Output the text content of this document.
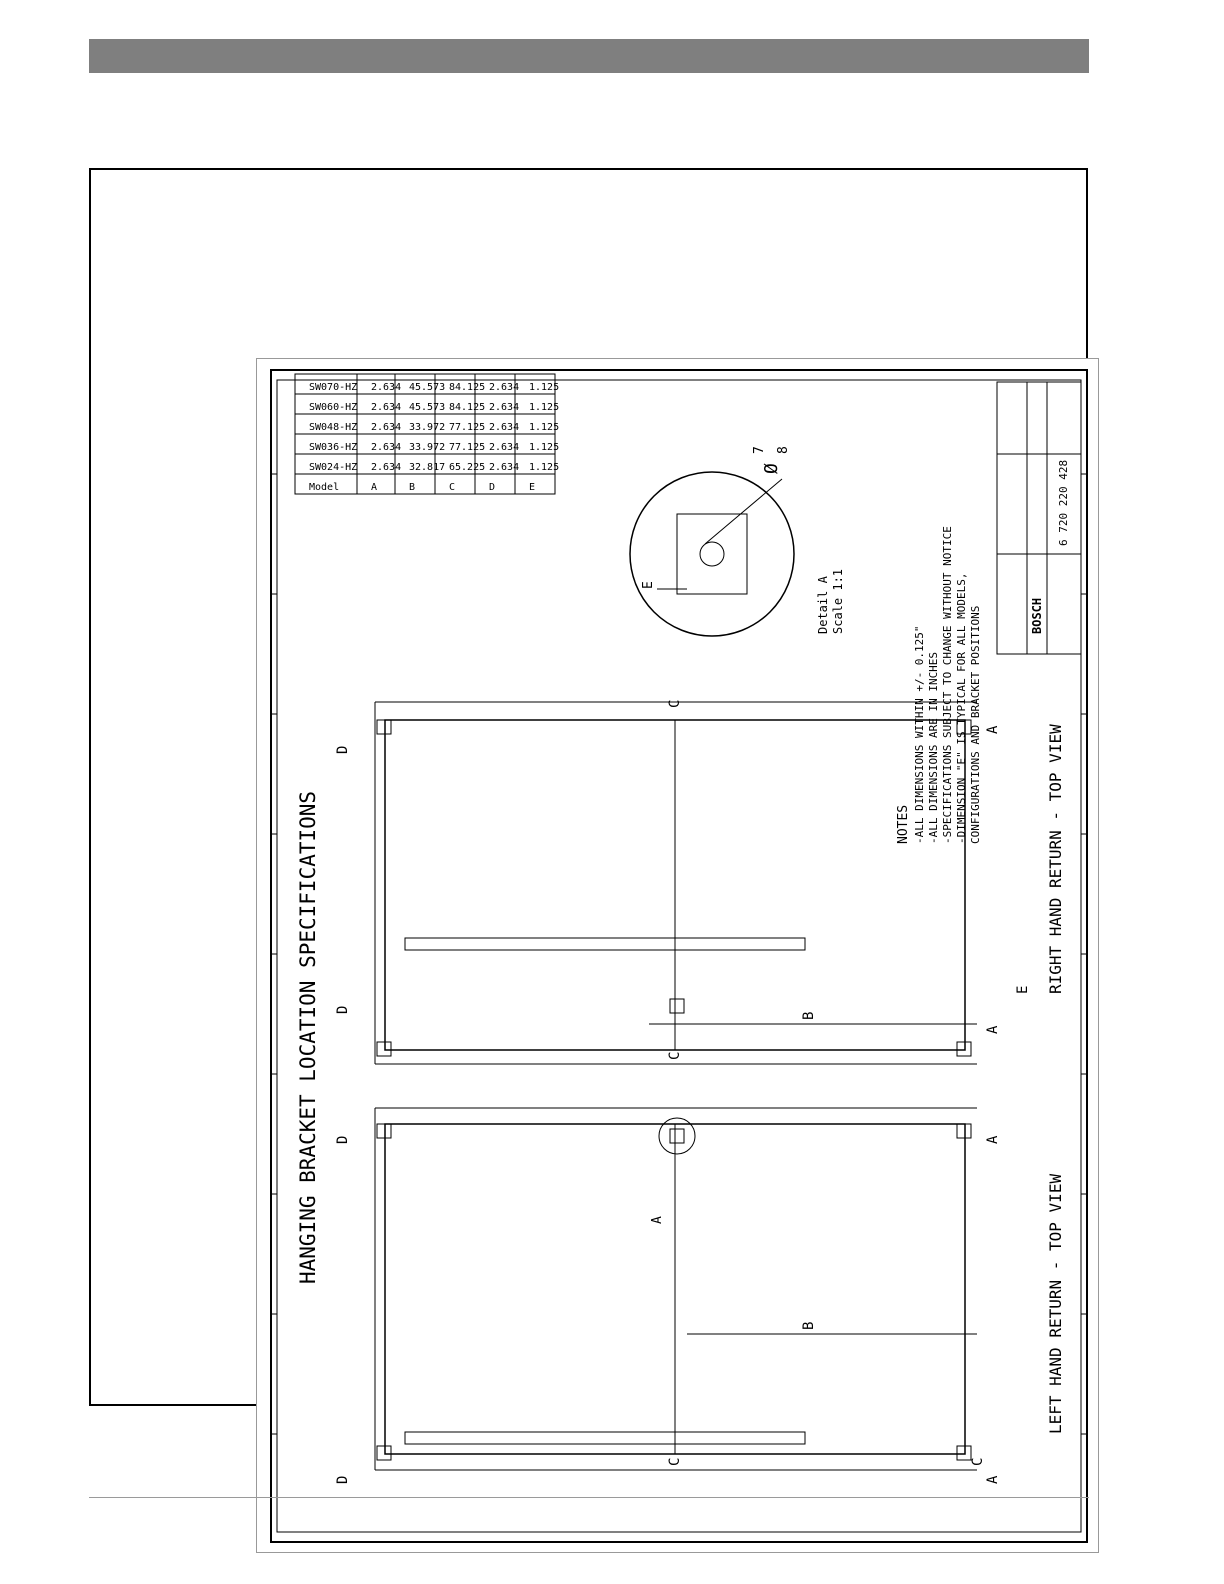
HANGING BRACKET LOCATION SPECIFICATIONS
C	C
B
A
A
D
A
D
LEFT HAND RETURN - TOP VIEW
C
C
B
A
D
A
D
E RIGHT HAND RETURN - TOP VIEW
Model	A	B	C	D	E
SW024-HZ 2.634 32.817 65.225 2.634 1.125
SW036-HZ 2.634 33.972 77.125 2.634 1.125
SW048-HZ 2.634 33.972 77.125 2.634 1.125
SW060-HZ 2.634 45.573 84.125 2.634 1.125
SW070-HZ 2.634 45.573 84.125 2.634 1.125
Ø
7 8
E	Detail A Scale 1:1
NOTES -ALL DIMENSIONS WITHIN +/- 0.125" -ALL DIMENSIONS ARE IN INCHES -SPECIFICATIONS SUBJECT TO CHANGE WITHOUT NOTICE -DIMENSION "E" IS TYPICAL FOR ALL MODELS, CONFIGURATIONS AND BRACKET POSITIONS	BOSCH
6 720 220 428
